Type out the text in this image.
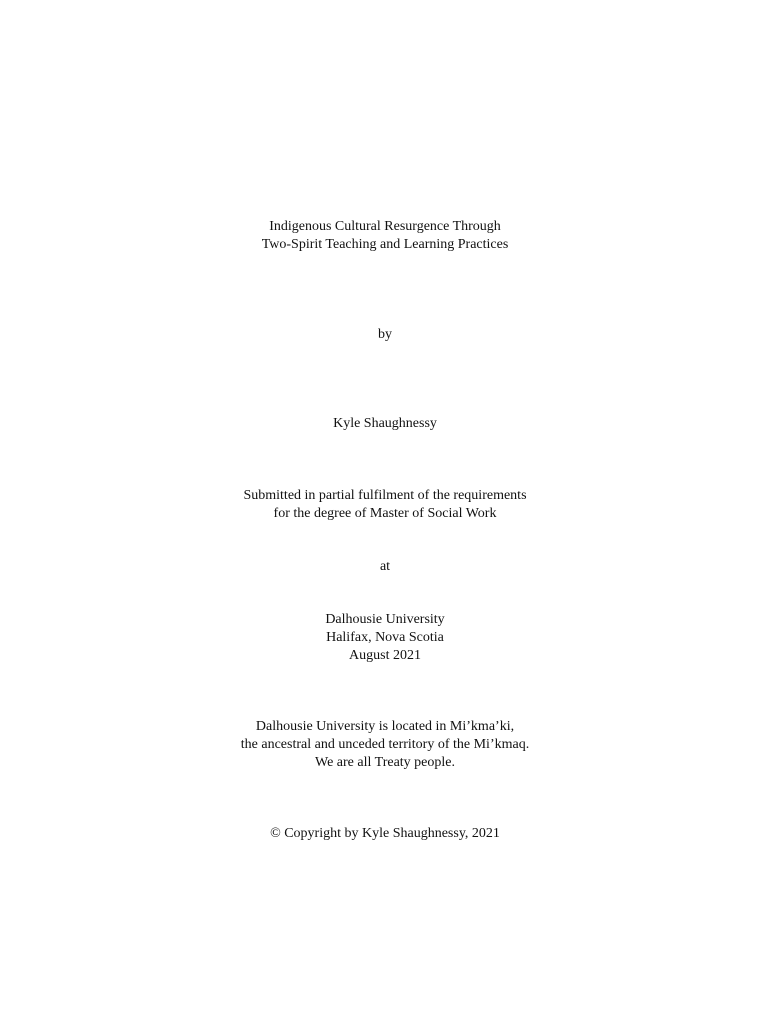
Indigenous Cultural Resurgence Through
Two-Spirit Teaching and Learning Practices
by
Kyle Shaughnessy
Submitted in partial fulfilment of the requirements
for the degree of Master of Social Work
at
Dalhousie University
Halifax, Nova Scotia
August 2021
Dalhousie University is located in Mi’kma’ki,
the ancestral and unceded territory of the Mi’kmaq.
We are all Treaty people.
© Copyright by Kyle Shaughnessy, 2021
